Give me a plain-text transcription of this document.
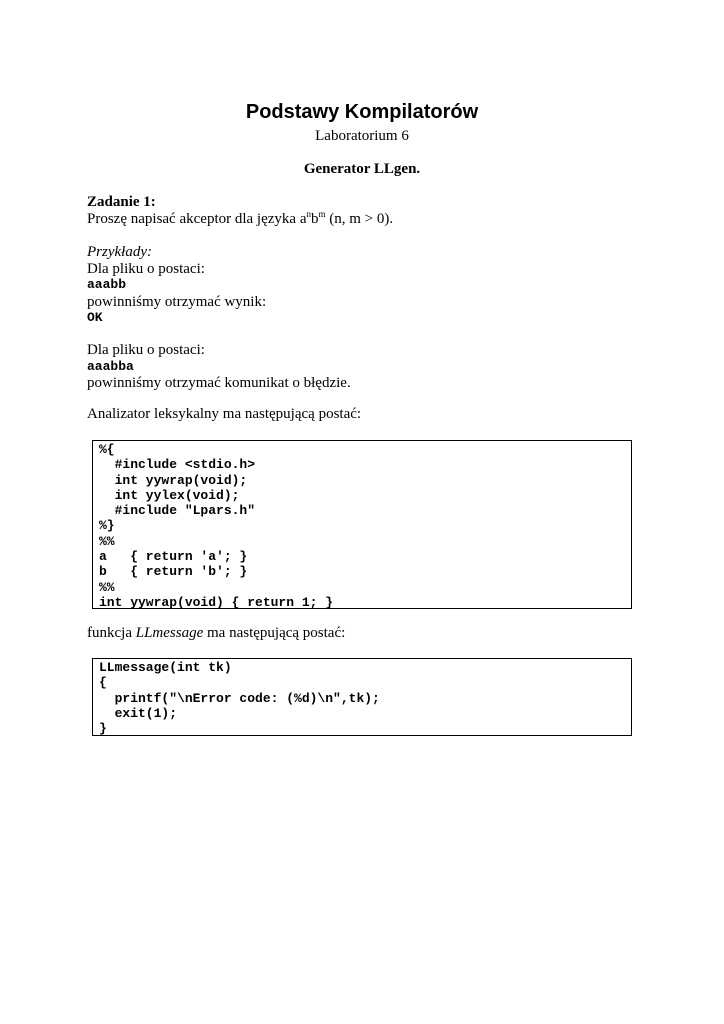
Podstawy Kompilatorów
Laboratorium 6
Generator LLgen.
Zadanie 1:
Proszę napisać akceptor dla języka $a^nb^m$ (n, m > 0).
Przykłady:
Dla pliku o postaci:
aaabb
powinniśmy otrzymać wynik:
OK
Dla pliku o postaci:
aaabba
powinniśmy otrzymać komunikat o błędzie.
Analizator leksykalny ma następującą postać:
%{
#include <stdio.h>
int yywrap(void);
int yylex(void);
#include "Lpars.h"
%}
%%
a   { return 'a'; }
b   { return 'b'; }
%%
int yywrap(void) { return 1; }
funkcja LLmessage ma następującą postać:
LLmessage(int tk)
{
printf("\nError code: (%d)\n",tk);
exit(1);
}
